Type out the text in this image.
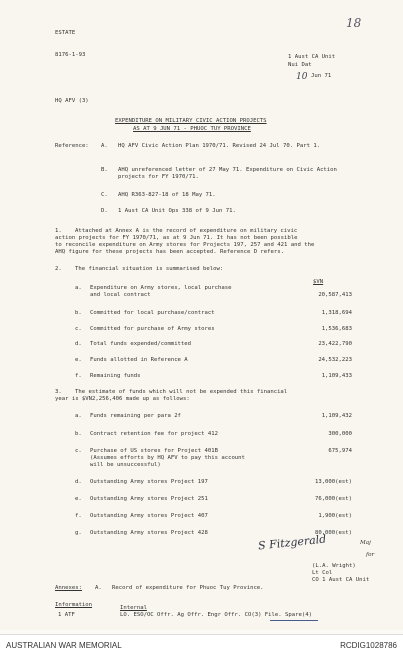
ESTATE
18
8176-1-93	1 Aust CA Unit
Nui Dat
10 Jun 71
HQ AFV (3)
EXPENDITURE ON MILITARY CIVIC ACTION PROJECTS
AS AT 9 JUN 71 - PHUOC TUY PROVINCE
Reference: A. HQ AFV Civic Action Plan 1970/71. Revised 24 Jul 70. Part 1.
B. AHQ unreferenced letter of 27 May 71. Expenditure on Civic Action projects for FY 1970/71.
C. AHQ R363-827-18 of 18 May 71.
D. 1 Aust CA Unit Ops 338 of 9 Jun 71.
1. Attached at Annex A is the record of expenditure on military civic
action projects for FY 1970/71, as at 9 Jun 71. It has not been possible
to reconcile expenditure on Army stores for Projects 197, 257 and 421 and the
AHQ figure for these projects has been accepted. Reference D refers.
2. The financial situation is summarised below:
$VN
a. Expenditure on Army stores, local purchase
and local contract	20,587,413
b. Committed for local purchase/contract	1,318,694
c. Committed for purchase of Army stores	1,536,683
d. Total funds expended/committed	23,422,790
e. Funds allotted in Reference A	24,532,223
f. Remaining funds	1,109,433
3. The estimate of funds which will not be expended this financial
year is $VN2,256,406 made up as follows:
a. Funds remaining per para 2f	1,109,432
b. Contract retention fee for project 412	300,000
c. Purchase of US stores for Project 401B
(Assumes efforts by HQ AFV to pay this account
will be unsuccessful)
675,974
d. Outstanding Army stores Project 197	13,000(est)
e. Outstanding Army stores Project 251	76,000(est)
f. Outstanding Army stores Project 407	1,900(est)
g. Outstanding Army stores Project 428	80,000(est)
S Fitzgerald	Maj
for
(L.A. Wright)
Lt Col
CO 1 Aust CA Unit
Annexes: A. Record of expenditure for Phuoc Tuy Province.
Information
1 ATF
Internal
LO. ESO/OC Offr. Ag Offr. Engr Offr. CO(3) File. Spare(4)
AUSTRALIAN WAR MEMORIAL	RCDIG1028786
